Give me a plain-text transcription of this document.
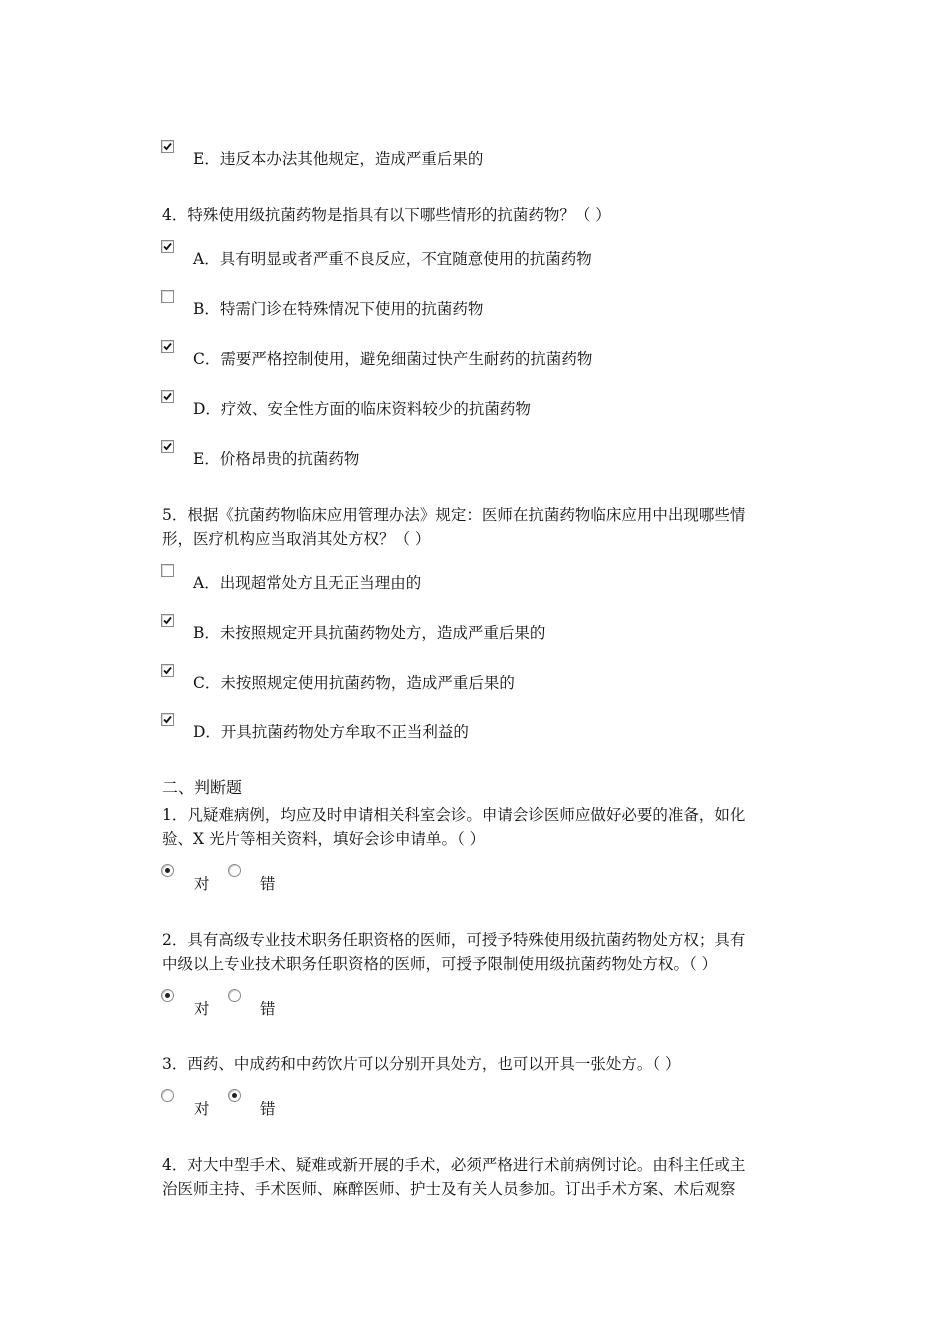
E．违反本办法其他规定，造成严重后果的
4．特殊使用级抗菌药物是指具有以下哪些情形的抗菌药物？（ ）
A．具有明显或者严重不良反应，不宜随意使用的抗菌药物
B．特需门诊在特殊情况下使用的抗菌药物
C．需要严格控制使用，避免细菌过快产生耐药的抗菌药物
D．疗效、安全性方面的临床资料较少的抗菌药物
E．价格昂贵的抗菌药物
5．根据《抗菌药物临床应用管理办法》规定：医师在抗菌药物临床应用中出现哪些情
形，医疗机构应当取消其处方权？（ ）
A．出现超常处方且无正当理由的
B．未按照规定开具抗菌药物处方，造成严重后果的
C．未按照规定使用抗菌药物，造成严重后果的
D．开具抗菌药物处方牟取不正当利益的
二、判断题
1．凡疑难病例，均应及时申请相关科室会诊。申请会诊医师应做好必要的准备，如化
验、X 光片等相关资料，填好会诊申请单。（ ）
对	错
2．具有高级专业技术职务任职资格的医师，可授予特殊使用级抗菌药物处方权；具有
中级以上专业技术职务任职资格的医师，可授予限制使用级抗菌药物处方权。（ ）
对	错
3．西药、中成药和中药饮片可以分别开具处方，也可以开具一张处方。（ ）
对	错
4．对大中型手术、疑难或新开展的手术，必须严格进行术前病例讨论。由科主任或主
治医师主持、手术医师、麻醉医师、护士及有关人员参加。订出手术方案、术后观察
